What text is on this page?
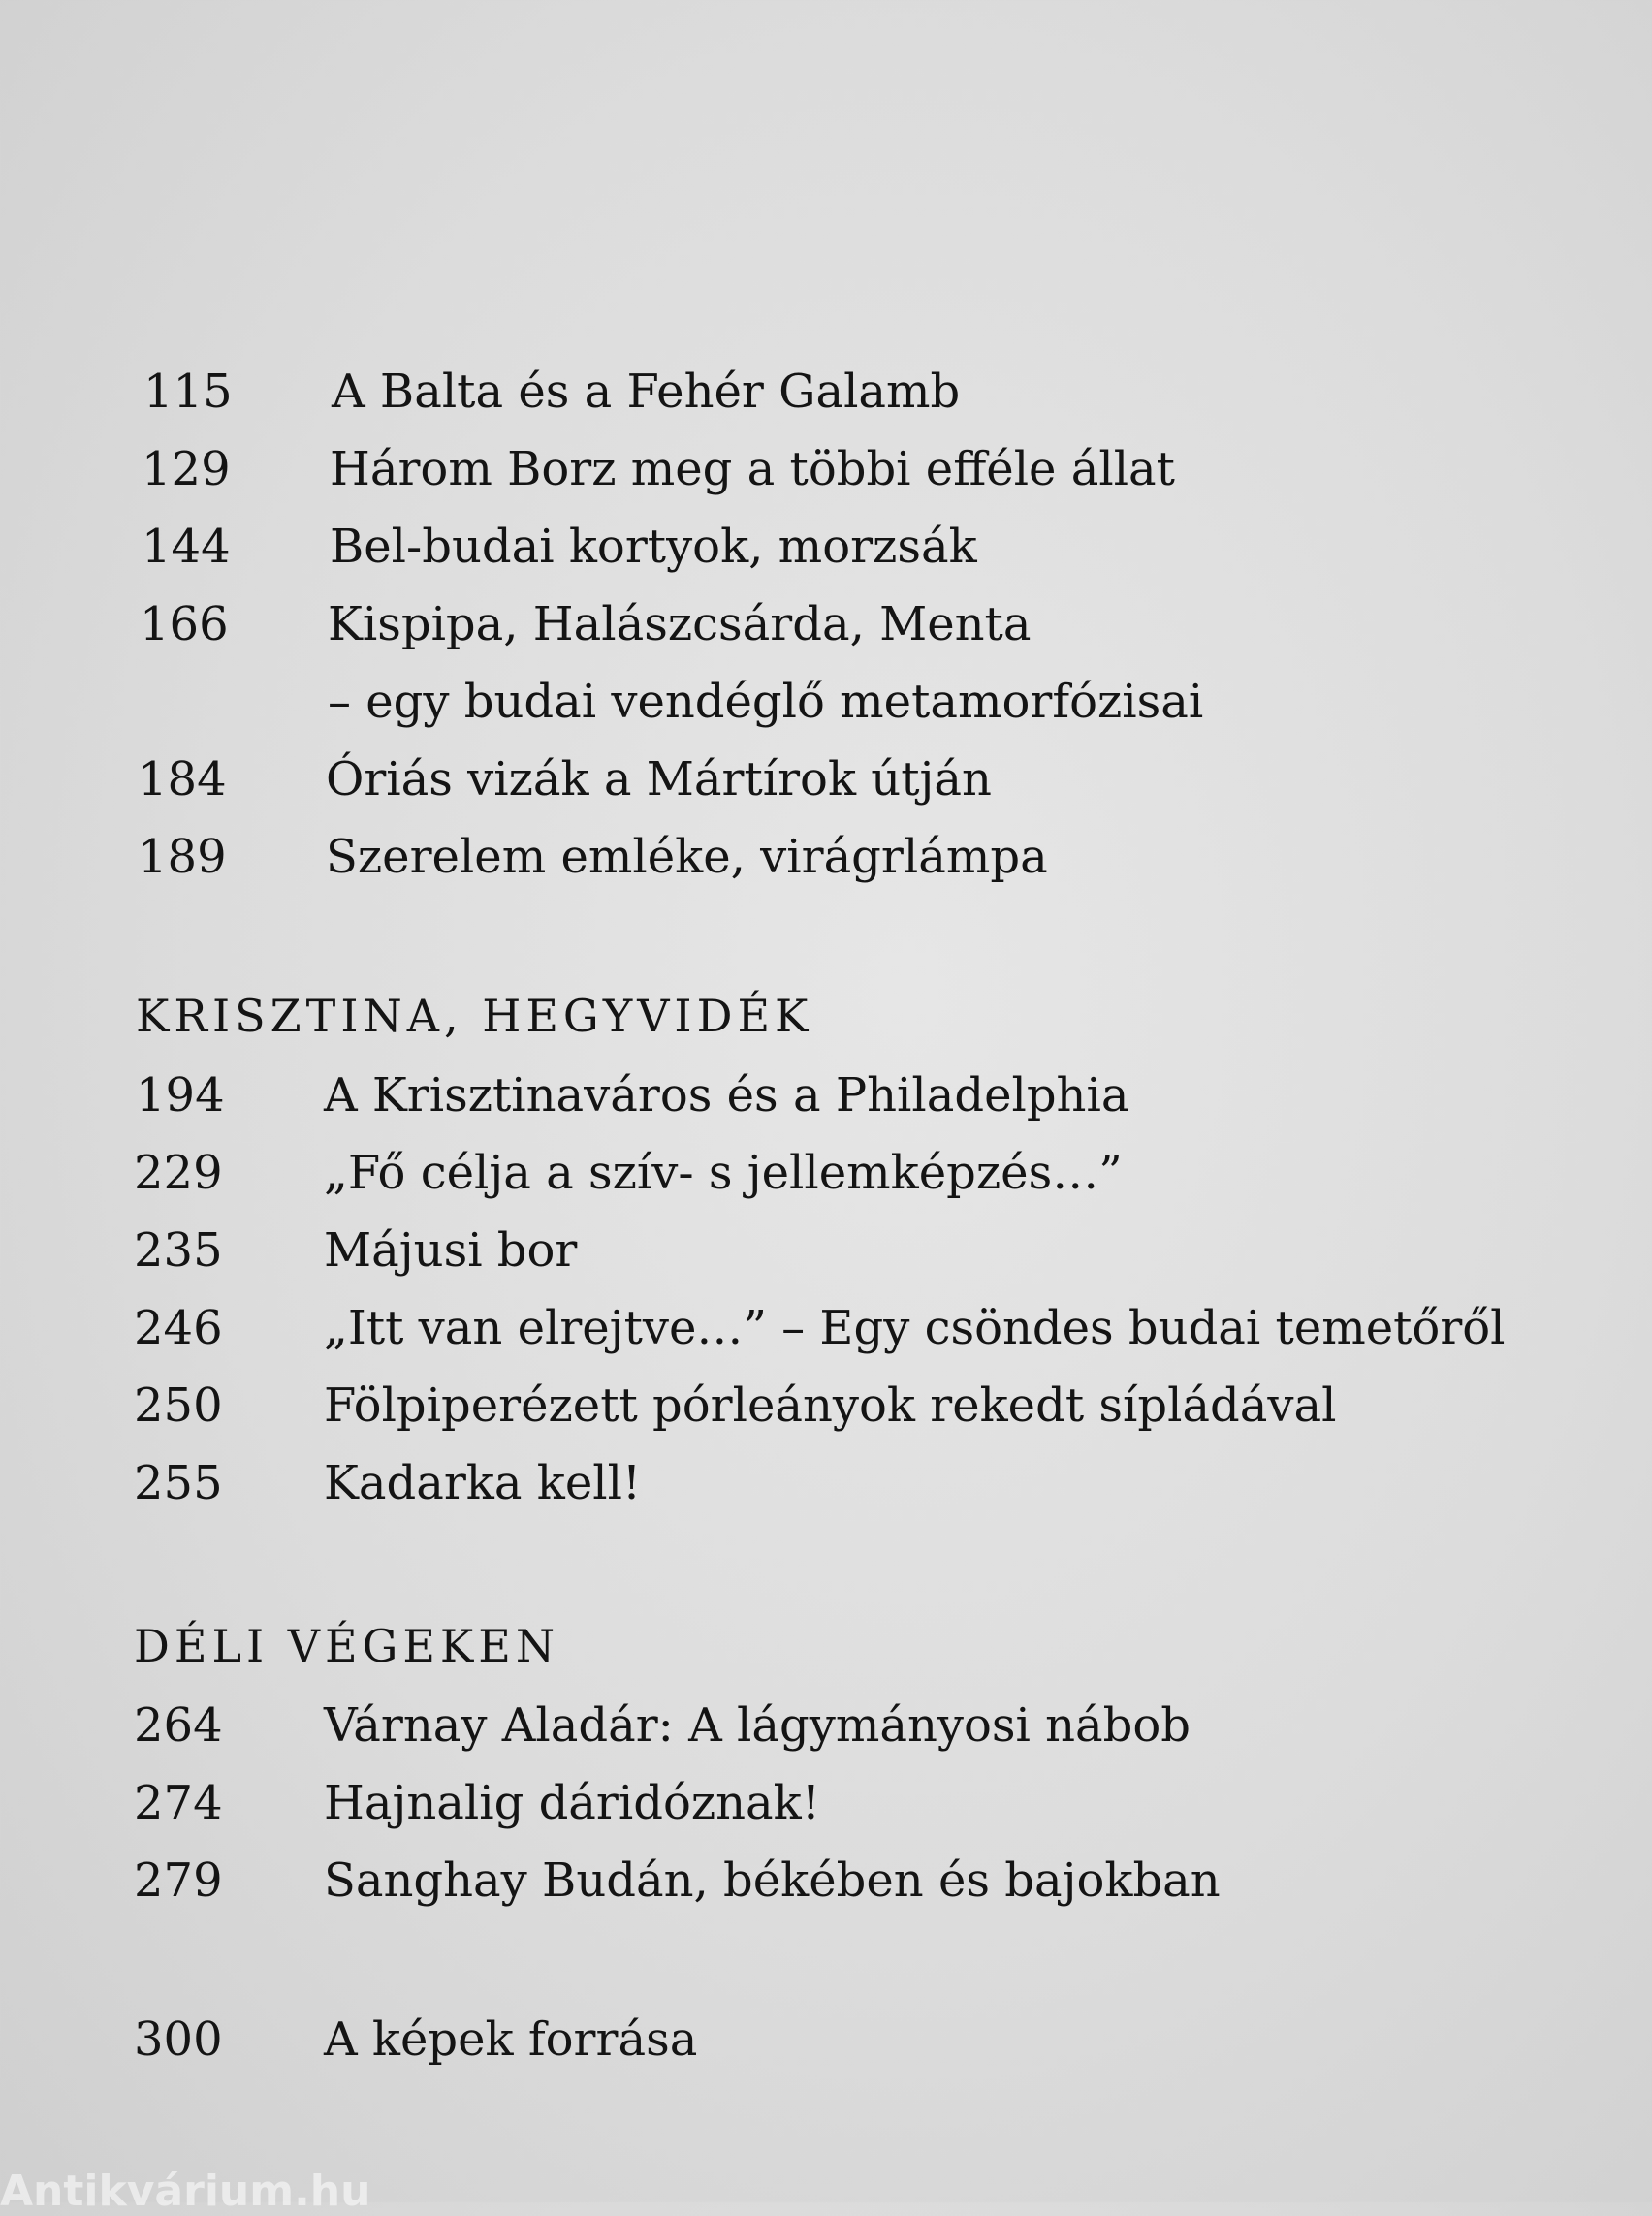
115	A Balta és a Fehér Galamb
129	Három Borz meg a többi efféle állat
144	Bel-budai kortyok, morzsák
166	Kispipa, Halászcsárda, Menta
– egy budai vendéglő metamorfózisai
184	Óriás vizák a Mártírok útján
189	Szerelem emléke, virágrlámpa
KRISZTINA, HEGYVIDÉK
194	A Krisztinaváros és a Philadelphia
229	„Fő célja a szív- s jellemképzés…”
235	Májusi bor
246	„Itt van elrejtve…” – Egy csöndes budai temetőről
250	Fölpiperézett pórleányok rekedt sípládával
255	Kadarka kell!
DÉLI VÉGEKEN
264	Várnay Aladár: A lágymányosi nábob
274	Hajnalig dáridóznak!
279	Sanghay Budán, békében és bajokban
300	A képek forrása
Antikvárium.hu
